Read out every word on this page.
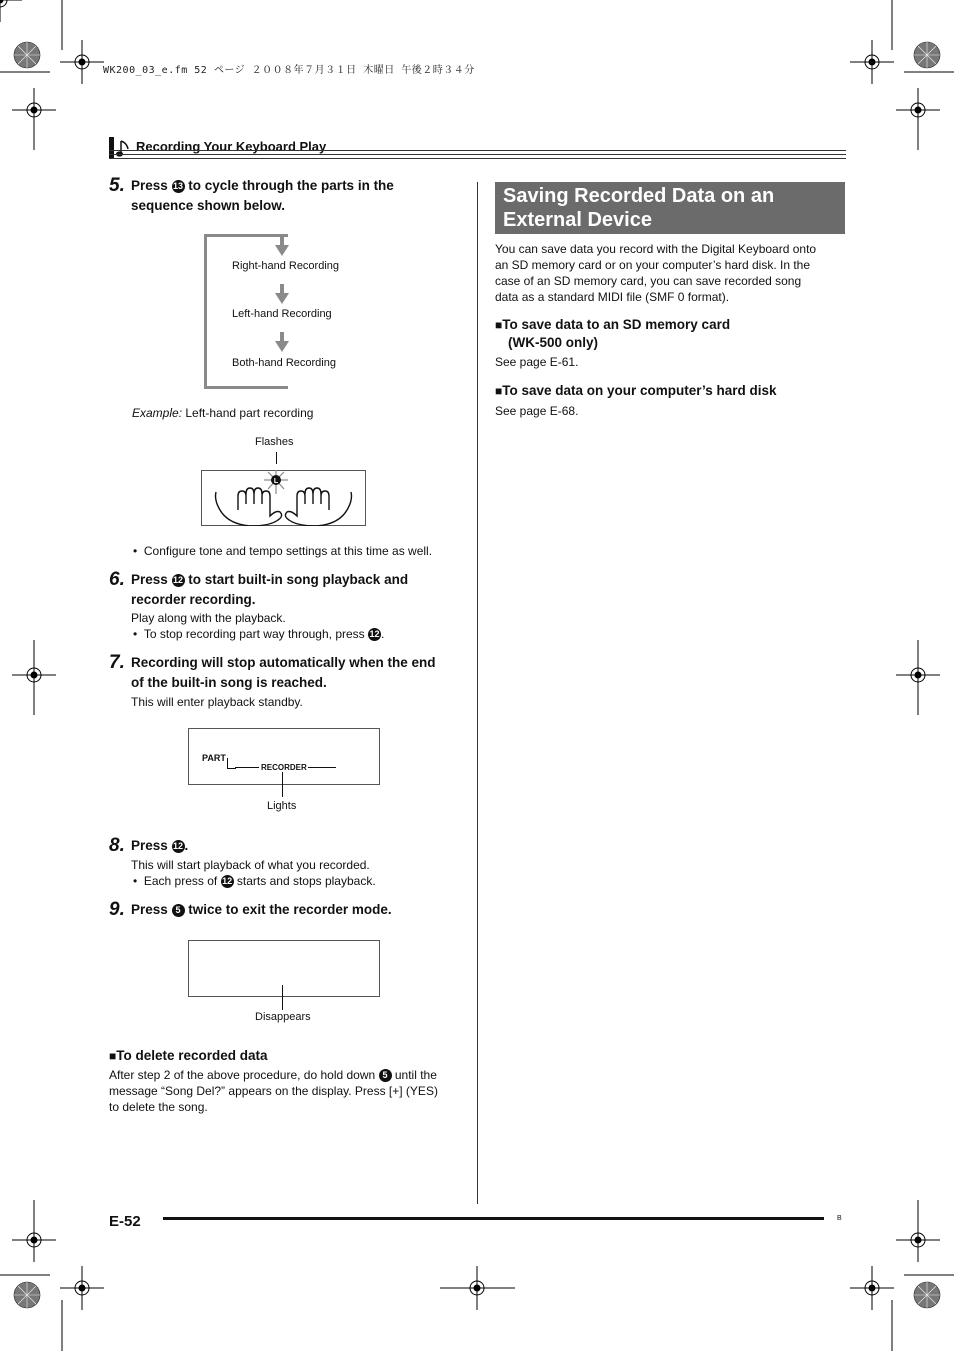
WK200_03_e.fm 52 ページ ２００８年７月３１日 木曜日 午後２時３４分
Recording Your Keyboard Play
5. Press 13 to cycle through the parts in the
sequence shown below.
Right-hand Recording
Left-hand Recording
Both-hand Recording
Example: Left-hand part recording
Flashes
L
•  Configure tone and tempo settings at this time as well.
6. Press 12 to start built-in song playback and
recorder recording.
Play along with the playback.
•  To stop recording part way through, press 12 .
7. Recording will stop automatically when the end
of the built-in song is reached.
This will enter playback standby.
PART
RECORDER
Lights
8. Press 12 .
This will start playback of what you recorded.
•  Each press of 12 starts and stops playback.
9. Press 5 twice to exit the recorder mode.
Disappears
■To delete recorded data
After step 2 of the above procedure, do hold down 5 until the
message “Song Del?” appears on the display. Press [+] (YES)
to delete the song.
Saving Recorded Data on an
External Device
You can save data you record with the Digital Keyboard onto
an SD memory card or on your computer’s hard disk. In the
case of an SD memory card, you can save recorded song
data as a standard MIDI file (SMF 0 format).
■To save data to an SD memory card
(WK-500 only)
See page E-61.
■To save data on your computer’s hard disk
See page E-68.
E-52	B
